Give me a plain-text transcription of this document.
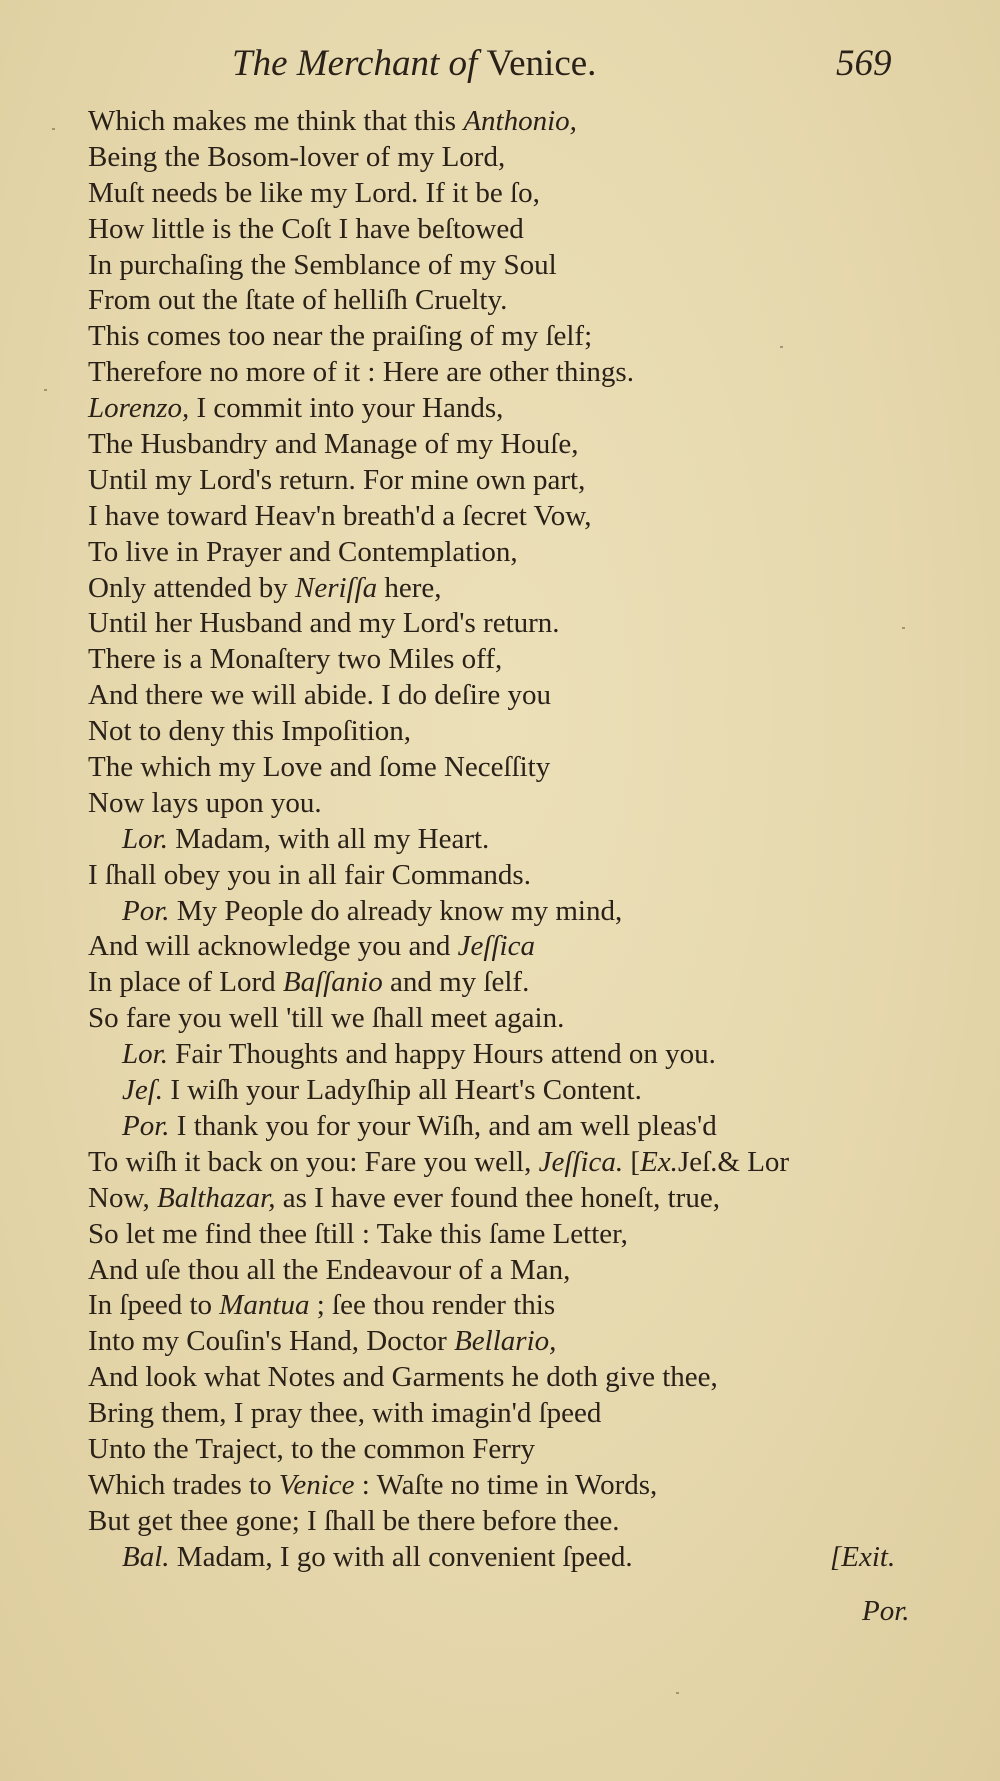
The Merchant of Venice.	569
Which makes me think that this Anthonio,
Being the Bosom-lover of my Lord,
Muſt needs be like my Lord. If it be ſo,
How little is the Coſt I have beſtowed
In purchaſing the Semblance of my Soul
From out the ſtate of helliſh Cruelty.
This comes too near the praiſing of my ſelf;
Therefore no more of it : Here are other things.
Lorenzo, I commit into your Hands,
The Husbandry and Manage of my Houſe,
Until my Lord's return. For mine own part,
I have toward Heav'n breath'd a ſecret Vow,
To live in Prayer and Contemplation,
Only attended by Neriſſa here,
Until her Husband and my Lord's return.
There is a Monaſtery two Miles off,
And there we will abide. I do deſire you
Not to deny this Impoſition,
The which my Love and ſome Neceſſity
Now lays upon you.
Lor. Madam, with all my Heart.
I ſhall obey you in all fair Commands.
Por. My People do already know my mind,
And will acknowledge you and Jeſſica
In place of Lord Baſſanio and my ſelf.
So fare you well 'till we ſhall meet again.
Lor. Fair Thoughts and happy Hours attend on you.
Jeſ. I wiſh your Ladyſhip all Heart's Content.
Por. I thank you for your Wiſh, and am well pleas'd
To wiſh it back on you: Fare you well, Jeſſica. [Ex.Jeſ.& Lor
Now, Balthazar, as I have ever found thee honeſt, true,
So let me find thee ſtill : Take this ſame Letter,
And uſe thou all the Endeavour of a Man,
In ſpeed to Mantua ; ſee thou render this
Into my Couſin's Hand, Doctor Bellario,
And look what Notes and Garments he doth give thee,
Bring them, I pray thee, with imagin'd ſpeed
Unto the Traject, to the common Ferry
Which trades to Venice : Waſte no time in Words,
But get thee gone; I ſhall be there before thee.
Bal. Madam, I go with all convenient ſpeed.	[Exit.
Por.
